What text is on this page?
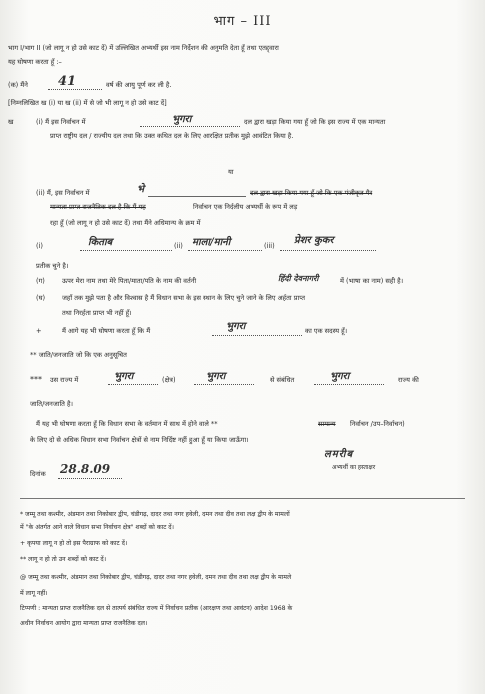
भाग – III
भाग I/भाग II (जो लागू न हो उसे काट दें) में उल्लिखित अभ्यर्थी इस नाम निर्देशन की अनुमति देता हूँ तथा एतद्द्वारा
यह घोषणा करता हूँ :–
(क) मैंने 41	वर्ष की आयु पूर्ण कर ली है.
[निम्नलिखित ख (i) या ख (ii) में से जो भी लागू न हो उसे काट दें]
ख	(i) मैं इस निर्वाचन में	भुगरा	दल द्वारा खड़ा किया गया हूँ जो कि इस राज्य में एक मान्यता
प्राप्त राष्ट्रीय दल / राज्यीय दल तथा कि उक्त कथित दल के लिए आरक्षित प्रतीक मुझे आवंटित किया है.
या
(ii) मैं, इस निर्वाचन में	भे	दल द्वारा खड़ा किया गया हूँ जो कि एक पंजीकृत गैर
मान्यता प्राप्त राजनैतिक दल है कि मैं यह	निर्वाचन एक निर्दलीय अभ्यर्थी के रूप में लड़
रहा हूँ (जो लागू न हो उसे काट दें) तथा मैंने अधिमान्य के क्रम में
(i)	किताब	(ii) माला/मानी	(iii) प्रेशर कुकर
प्रतीक चुने है।
(ग)	ऊपर मेरा नाम तथा मेरे पिता/माता/पति के नाम की वर्तनी	हिंदी देवनागरी	में (भाषा का नाम) सही है।
(घ)	जहाँ तक मुझे पता है और विश्वास है मैं विधान सभा के इस स्थान के लिए चुने जाने के लिए अर्हता प्राप्त
तथा निरर्हता प्राप्त भी नहीं हूँ।
+	मैं आगे यह भी घोषणा करता हूँ कि मैं	भुगरा	का एक सदस्य हूँ।
** जाति/जनजाति जो कि एक अनुसूचित
*** उस राज्य में	भुगरा	(क्षेत्र)	भुगरा	से संबंधित	भुगरा	राज्य की
जाति/जनजाति है।
मैं यह भी घोषणा करता हूँ कि विधान सभा के वर्तमान में साथ में होने वाले **	सामान्य निर्वाचन /उप–निर्वाचन)
के लिए दो से अधिक विधान सभा निर्वाचन क्षेत्रों से नाम निर्दिष्ट नहीं हुआ हूँ या किया जाऊँगा।
दिनांक 28.8.09
लमरीब
अभ्यर्थी का हस्ताक्षर
* जम्मू तथा कश्मीर, अंडमान तथा निकोबार द्वीप, चंडीगढ़, दादर तथा नगर हवेली, दमन तथा दीव तथा लक्ष द्वीप के मामलों
में "के अंतर्गत आने वाले विधान सभा निर्वाचन क्षेत्र" शब्दों को काट दें।
+ कृपया लागू न हो तो इस पैराग्राफ को काट दें।
** लागू न हो तो उन शब्दों को काट दें।
@ जम्मू तथा कश्मीर, अंडमान तथा निकोबार द्वीप, चंडीगढ़, दादर तथा नगर हवेली, दमन तथा दीव तथा लक्ष द्वीप के मामले
में लागू नहीं।
टिप्पणी : मान्यता प्राप्त राजनैतिक दल से तात्पर्य संबंधित राज्य में निर्वाचन प्रतीक (आरक्षण तथा आवंटन) आदेश 1968 के
अधीन निर्वाचन आयोग द्वारा मान्यता प्राप्त राजनैतिक दल।
